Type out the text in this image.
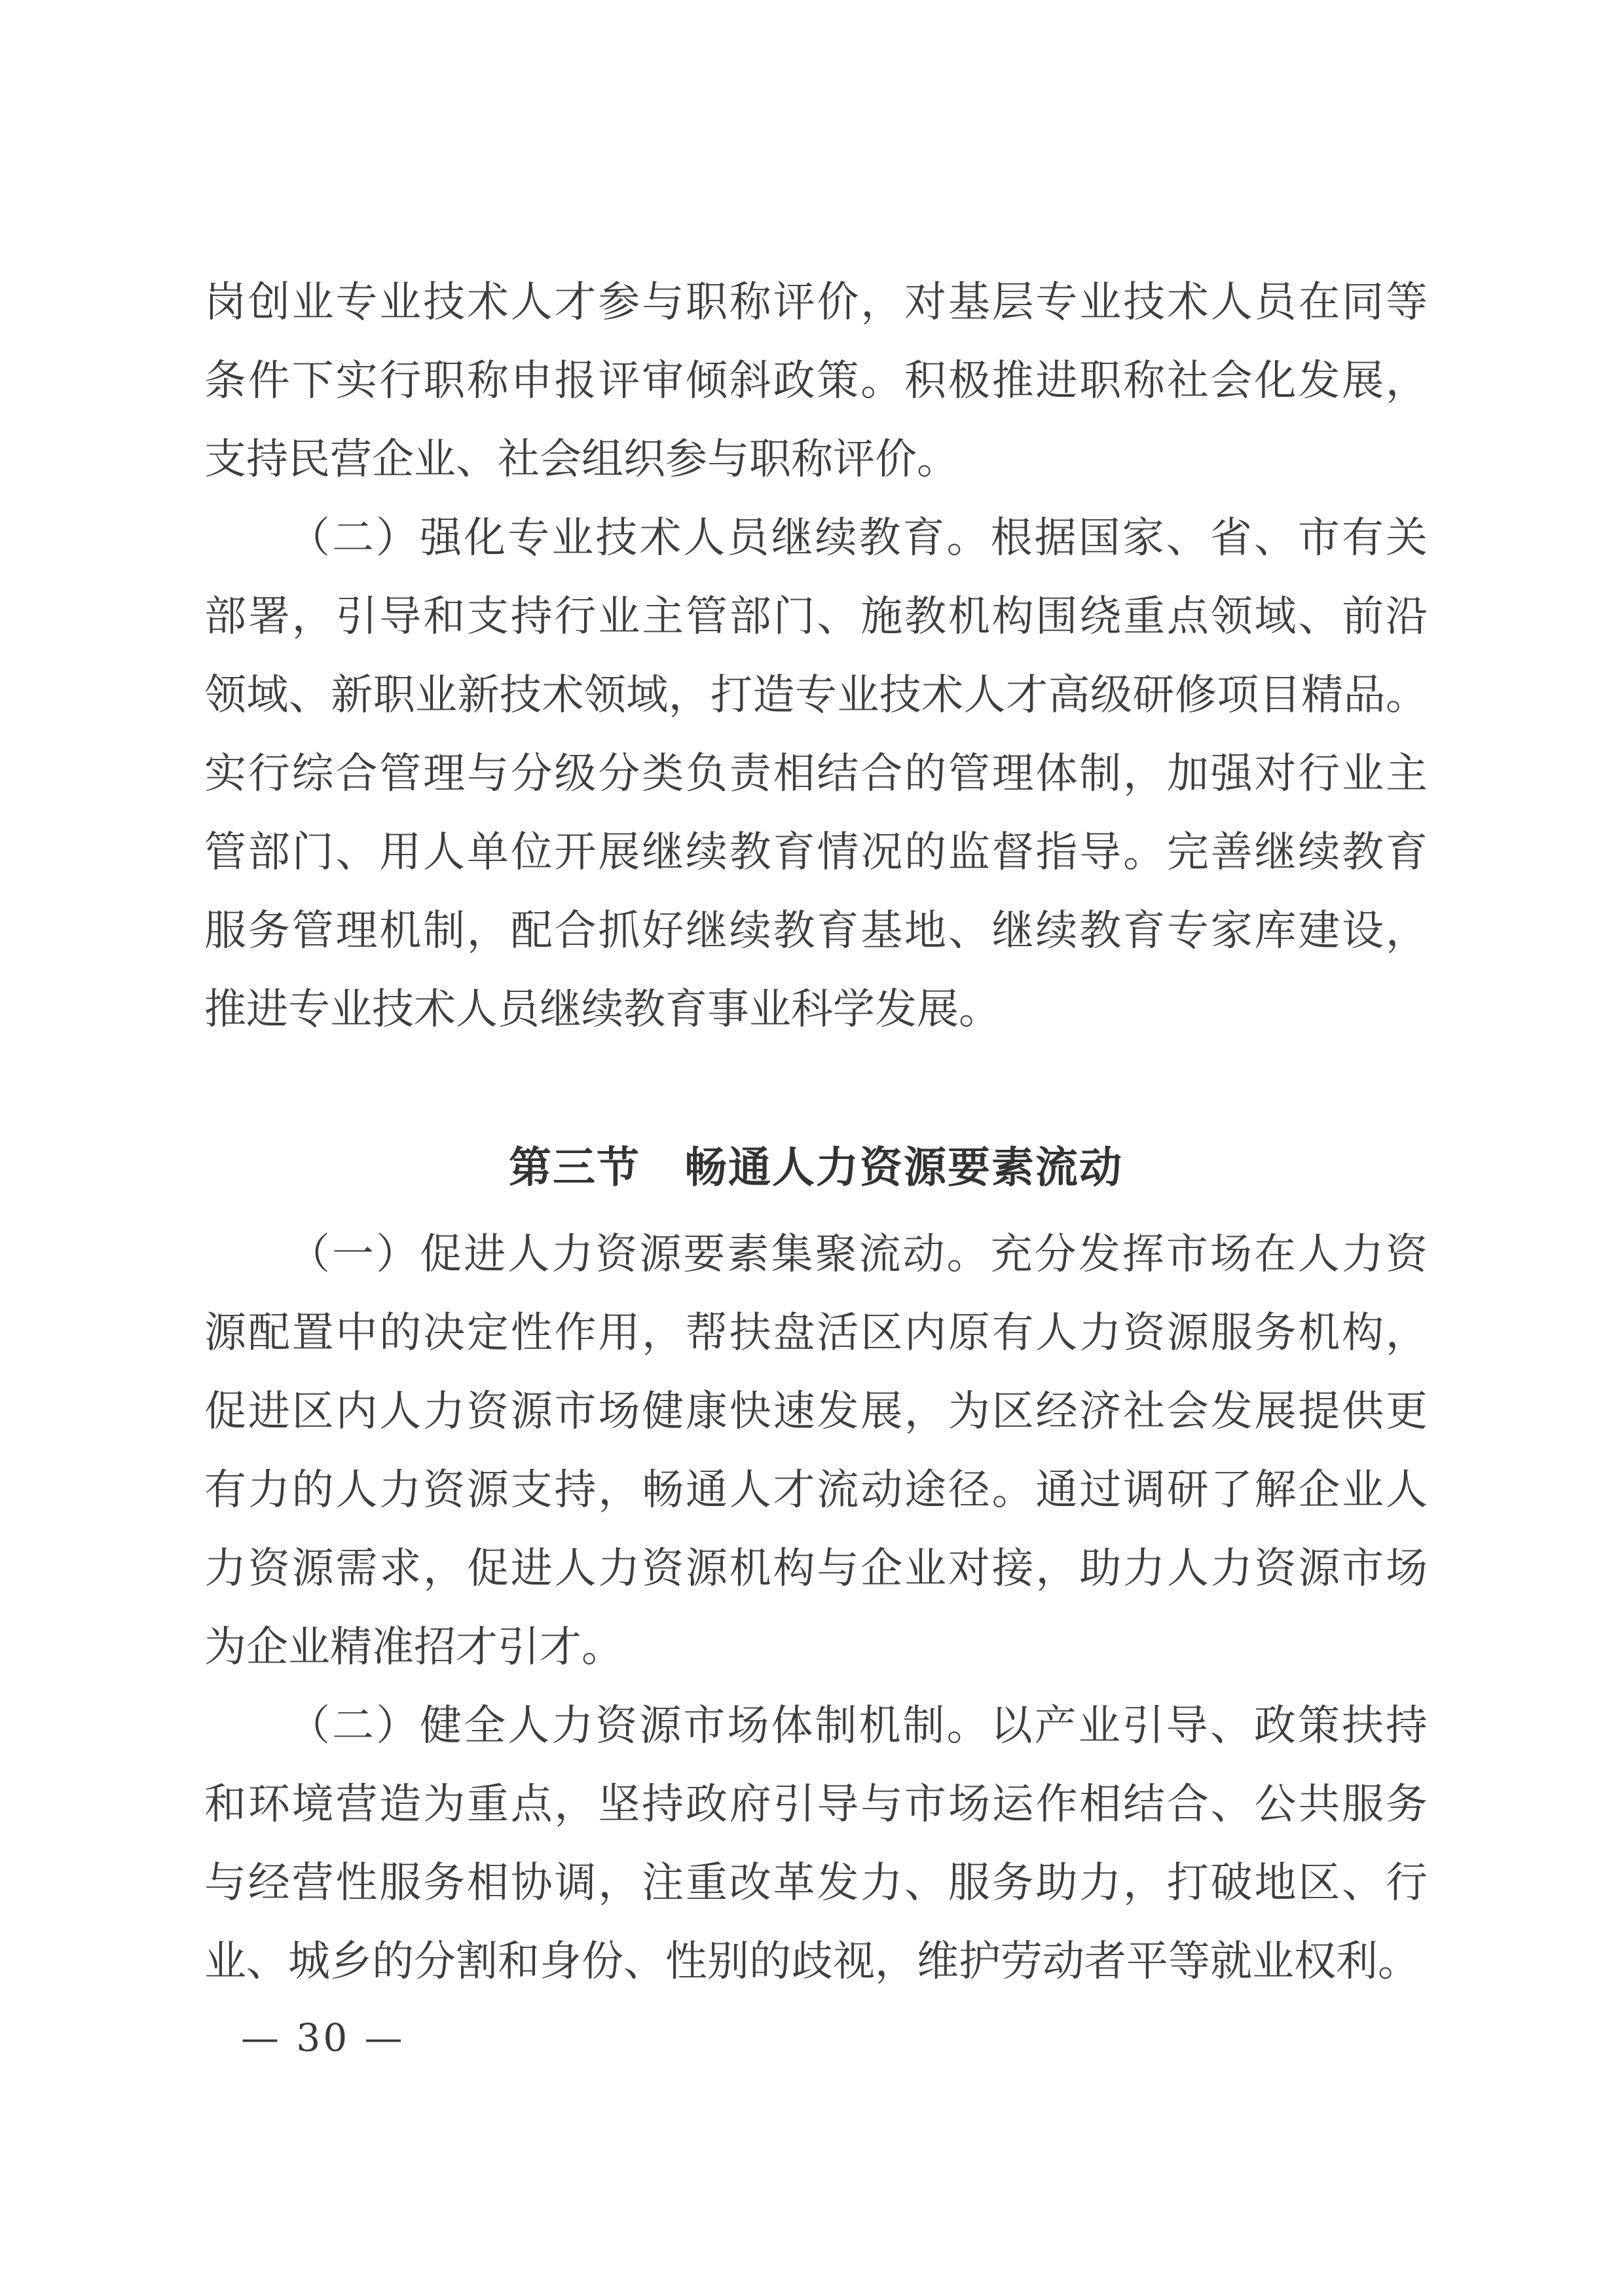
岗创业专业技术人才参与职称评价，对基层专业技术人员在同等
条件下实行职称申报评审倾斜政策。积极推进职称社会化发展，
支持民营企业、社会组织参与职称评价。
（二）强化专业技术人员继续教育。根据国家、省、市有关
部署，引导和支持行业主管部门、施教机构围绕重点领域、前沿
领域、新职业新技术领域，打造专业技术人才高级研修项目精品。
实行综合管理与分级分类负责相结合的管理体制，加强对行业主
管部门、用人单位开展继续教育情况的监督指导。完善继续教育
服务管理机制，配合抓好继续教育基地、继续教育专家库建设，
推进专业技术人员继续教育事业科学发展。
第三节　畅通人力资源要素流动
（一）促进人力资源要素集聚流动。充分发挥市场在人力资
源配置中的决定性作用，帮扶盘活区内原有人力资源服务机构，
促进区内人力资源市场健康快速发展，为区经济社会发展提供更
有力的人力资源支持，畅通人才流动途径。通过调研了解企业人
力资源需求，促进人力资源机构与企业对接，助力人力资源市场
为企业精准招才引才。
（二）健全人力资源市场体制机制。以产业引导、政策扶持
和环境营造为重点，坚持政府引导与市场运作相结合、公共服务
与经营性服务相协调，注重改革发力、服务助力，打破地区、行
业、城乡的分割和身份、性别的歧视，维护劳动者平等就业权利。
— 30 —
